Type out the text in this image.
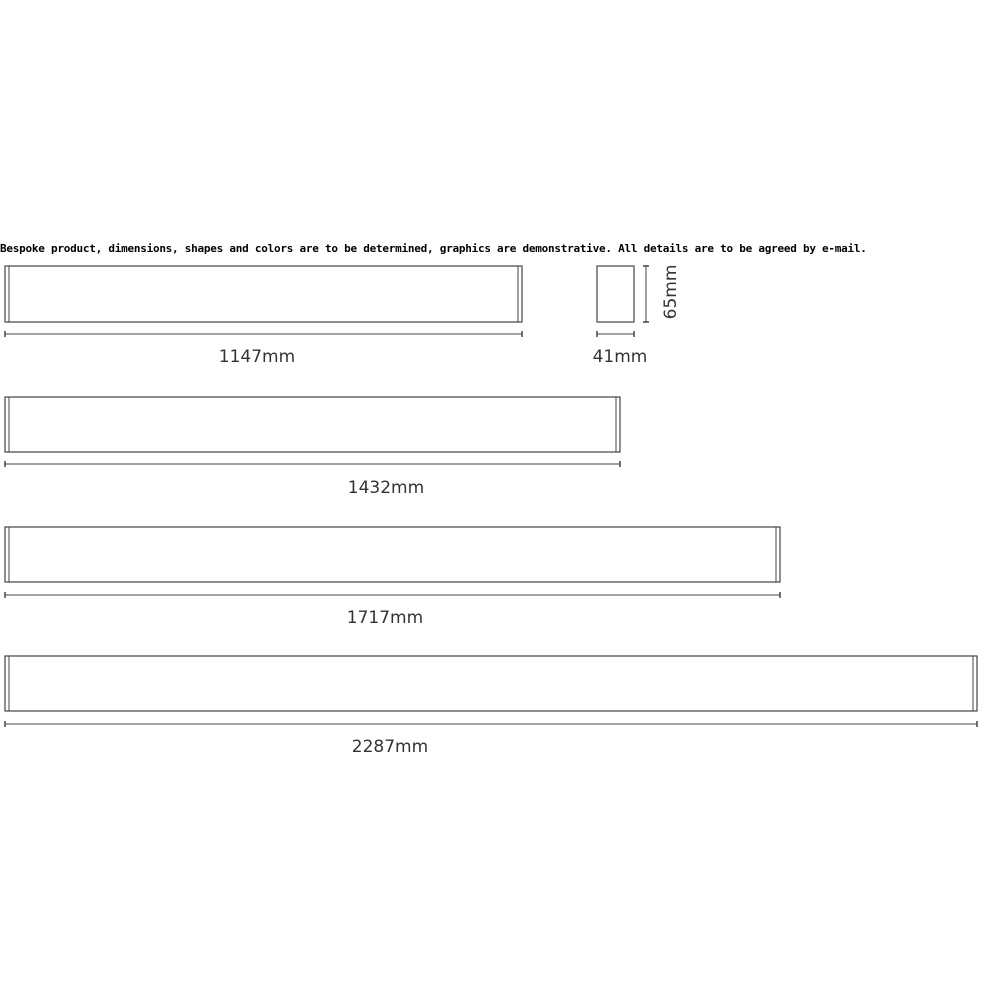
Bespoke product, dimensions, shapes and colors are to be determined, graphics are demonstrative. All details are to be agreed by e-mail.
1147mm	41mm
65mm
1432mm
1717mm
2287mm
